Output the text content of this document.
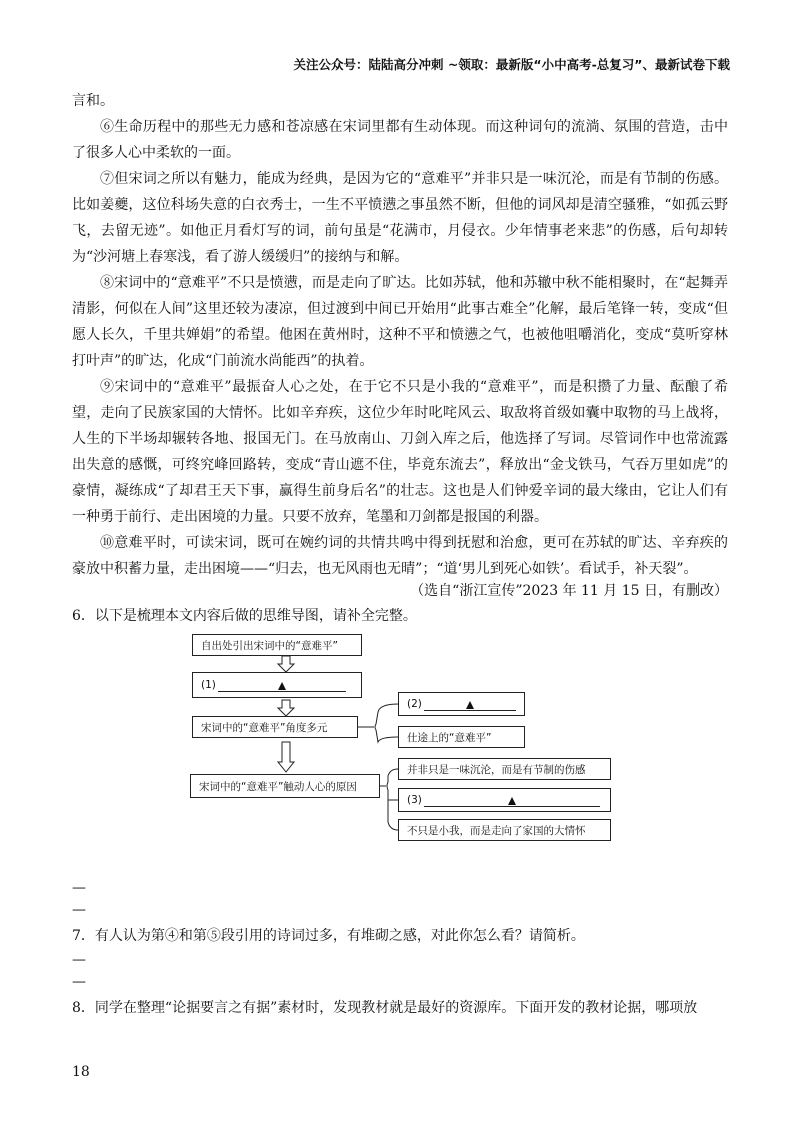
关注公众号：陆陆高分冲刺 ~领取：最新版“小中高考-总复习”、最新试卷下载

言和。

⑥生命历程中的那些无力感和苍凉感在宋词里都有生动体现。而这种词句的流淌、氛围的营造，击中了很多人心中柔软的一面。

⑦但宋词之所以有魅力，能成为经典，是因为它的“意难平”并非只是一味沉沦，而是有节制的伤感。比如姜夔，这位科场失意的白衣秀士，一生不平愤懑之事虽然不断，但他的词风却是清空骚雅，“如孤云野飞，去留无迹”。如他正月看灯写的词，前句虽是“花满市，月侵衣。少年情事老来悲”的伤感，后句却转为“沙河塘上春寒浅，看了游人缓缓归”的接纳与和解。

⑧宋词中的“意难平”不只是愤懑，而是走向了旷达。比如苏轼，他和苏辙中秋不能相聚时，在“起舞弄清影，何似在人间”这里还较为凄凉，但过渡到中间已开始用“此事古难全”化解，最后笔锋一转，变成“但愿人长久，千里共婵娟”的希望。他困在黄州时，这种不平和愤懑之气，也被他咀嚼消化，变成“莫听穿林打叶声”的旷达，化成“门前流水尚能西”的执着。

⑨宋词中的“意难平”最振奋人心之处，在于它不只是小我的“意难平”，而是积攒了力量、酝酿了希望，走向了民族家国的大情怀。比如辛弃疾，这位少年时叱咤风云、取敌将首级如囊中取物的马上战将，人生的下半场却辗转各地、报国无门。在马放南山、刀剑入库之后，他选择了写词。尽管词作中也常流露出失意的感慨，可终究峰回路转，变成“青山遮不住，毕竟东流去”，释放出“金戈铁马，气吞万里如虎”的豪情，凝练成“了却君王天下事，赢得生前身后名”的壮志。这也是人们钟爱辛词的最大缘由，它让人们有一种勇于前行、走出困境的力量。只要不放弃，笔墨和刀剑都是报国的利器。

⑩意难平时，可读宋词，既可在婉约词的共情共鸣中得到抚慰和治愈，更可在苏轼的旷达、辛弃疾的豪放中积蓄力量，走出困境——“归去，也无风雨也无晴”；“道‘男儿到死心如铁’。看试手，补天裂”。

（选自“浙江宣传”2023 年 11 月 15 日，有删改）

6．以下是梳理本文内容后做的思维导图，请补全完整。

自出处引出宋词中的“意难平”
(1)
宋词中的“意难平”角度多元
(2)
仕途上的“意难平”
宋词中的“意难平”触动人心的原因
并非只是一味沉沦，而是有节制的伤感
(3)
不只是小我，而是走向了家国的大情怀
—
—

7．有人认为第④和第⑤段引用的诗词过多，有堆砌之感，对此你怎么看？请简析。

—
—

8．同学在整理“论据要言之有据”素材时，发现教材就是最好的资源库。下面开发的教材论据，哪项放

18
